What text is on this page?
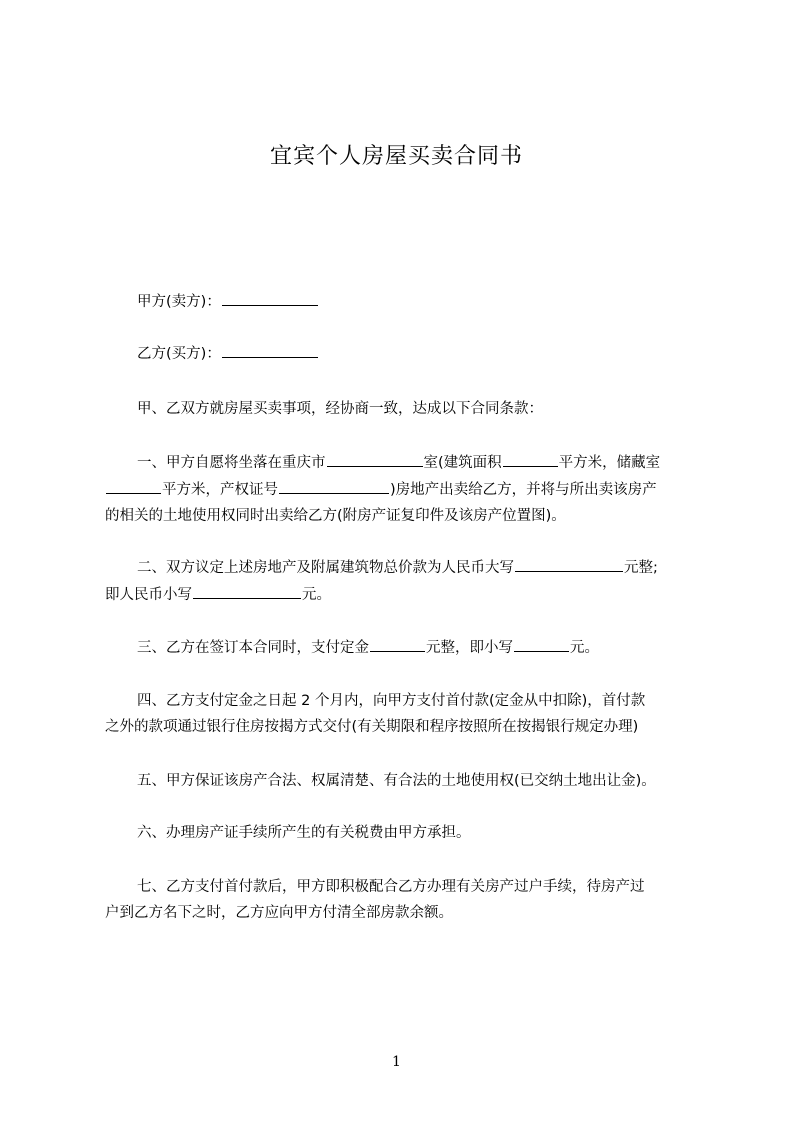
宜宾个人房屋买卖合同书

甲方(卖方)：

乙方(买方)：

甲、乙双方就房屋买卖事项，经协商一致，达成以下合同条款：

一、甲方自愿将坐落在重庆市	室(建筑面积	平方米，储藏室
平方米，产权证号	)房地产出卖给乙方，并将与所出卖该房产
的相关的土地使用权同时出卖给乙方(附房产证复印件及该房产位置图)。

二、双方议定上述房地产及附属建筑物总价款为人民币大写	元整;
即人民币小写	元。

三、乙方在签订本合同时，支付定金	元整，即小写	元。

四、乙方支付定金之日起 2 个月内，向甲方支付首付款(定金从中扣除)，首付款
之外的款项通过银行住房按揭方式交付(有关期限和程序按照所在按揭银行规定办理)

五、甲方保证该房产合法、权属清楚、有合法的土地使用权(已交纳土地出让金)。

六、办理房产证手续所产生的有关税费由甲方承担。

七、乙方支付首付款后，甲方即积极配合乙方办理有关房产过户手续，待房产过
户到乙方名下之时，乙方应向甲方付清全部房款余额。

1
